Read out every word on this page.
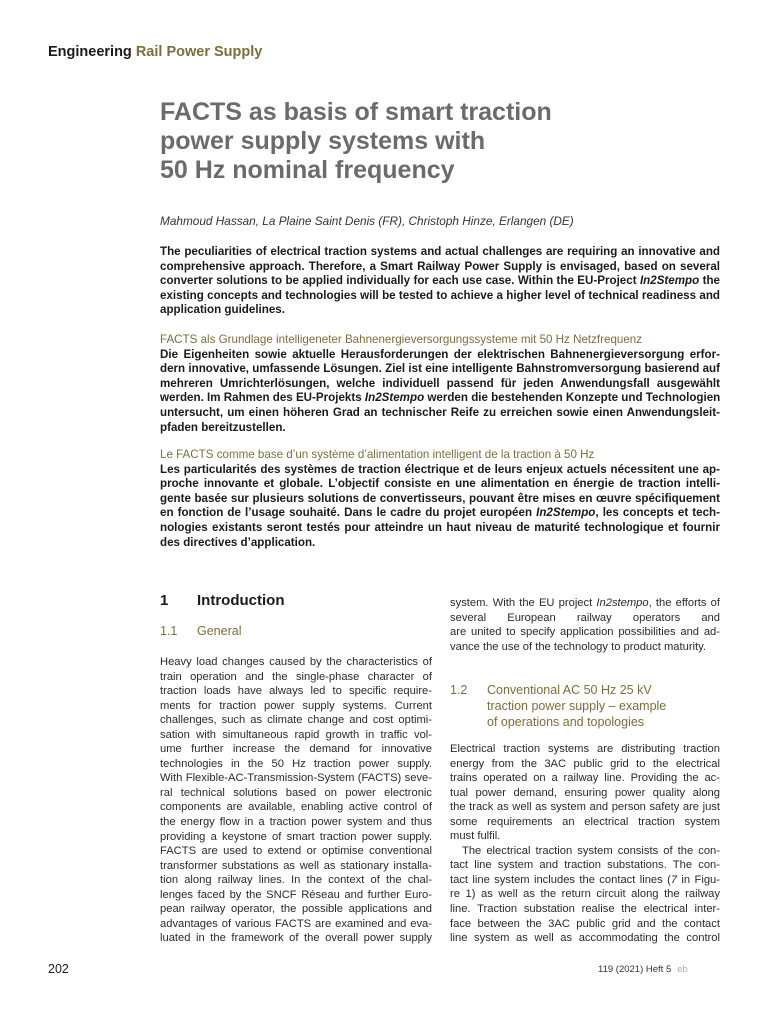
Engineering Rail Power Supply
FACTS as basis of smart traction
power supply systems with
50 Hz nominal frequency
Mahmoud Hassan, La Plaine Saint Denis (FR), Christoph Hinze, Erlangen (DE)
The peculiarities of electrical traction systems and actual challenges are requiring an innovative and
comprehensive approach. Therefore, a Smart Railway Power Supply is envisaged, based on several
converter solutions to be applied individually for each use case. Within the EU-Project In2Stempo the
existing concepts and technologies will be tested to achieve a higher level of technical readiness and
application guidelines.
FACTS als Grundlage intelligeneter Bahnenergieversorgungssysteme mit 50 Hz Netzfrequenz
Die Eigenheiten sowie aktuelle Herausforderungen der elektrischen Bahnenergieversorgung erfor-
dern innovative, umfassende Lösungen. Ziel ist eine intelligente Bahnstromversorgung basierend auf
mehreren Umrichterlösungen, welche individuell passend für jeden Anwendungsfall ausgewählt
werden. Im Rahmen des EU-Projekts In2Stempo werden die bestehenden Konzepte und Technologien
untersucht, um einen höheren Grad an technischer Reife zu erreichen sowie einen Anwendungsleit-
pfaden bereitzustellen.
Le FACTS comme base d’un système d’alimentation intelligent de la traction à 50 Hz
Les particularités des systèmes de traction électrique et de leurs enjeux actuels nécessitent une ap-
proche innovante et globale. L’objectif consiste en une alimentation en énergie de traction intelli-
gente basée sur plusieurs solutions de convertisseurs, pouvant être mises en œuvre spécifiquement
en fonction de l’usage souhaité. Dans le cadre du projet européen In2Stempo, les concepts et tech-
nologies existants seront testés pour atteindre un haut niveau de maturité technologique et fournir
des directives d’application.
1 Introduction
1.1 General
Heavy load changes caused by the characteristics of
train operation and the single-phase character of
traction loads have always led to specific require-
ments for traction power supply systems. Current
challenges, such as climate change and cost optimi-
sation with simultaneous rapid growth in traffic vol-
ume further increase the demand for innovative
technologies in the 50 Hz traction power supply.
With Flexible-AC-Transmission-System (FACTS) seve-
ral technical solutions based on power electronic
components are available, enabling active control of
the energy flow in a traction power system and thus
providing a keystone of smart traction power supply.
FACTS are used to extend or optimise conventional
transformer substations as well as stationary installa-
tion along railway lines. In the context of the chal-
lenges faced by the SNCF Réseau and further Euro-
pean railway operator, the possible applications and
advantages of various FACTS are examined and eva-
luated in the framework of the overall power supply
system. With the EU project In2stempo, the efforts of
several European railway operators and
are united to specify application possibilities and ad-
vance the use of the technology to product maturity.
1.2 Conventional AC 50 Hz 25 kV
traction power supply – example
of operations and topologies
Electrical traction systems are distributing traction
energy from the 3AC public grid to the electrical
trains operated on a railway line. Providing the ac-
tual power demand, ensuring power quality along
the track as well as system and person safety are just
some requirements an electrical traction system
must fulfil.
The electrical traction system consists of the con-
tact line system and traction substations. The con-
tact line system includes the contact lines (7 in Figu-
re 1) as well as the return circuit along the railway
line. Traction substation realise the electrical inter-
face between the 3AC public grid and the contact
line system as well as accommodating the control
202	119 (2021) Heft 5 eb
